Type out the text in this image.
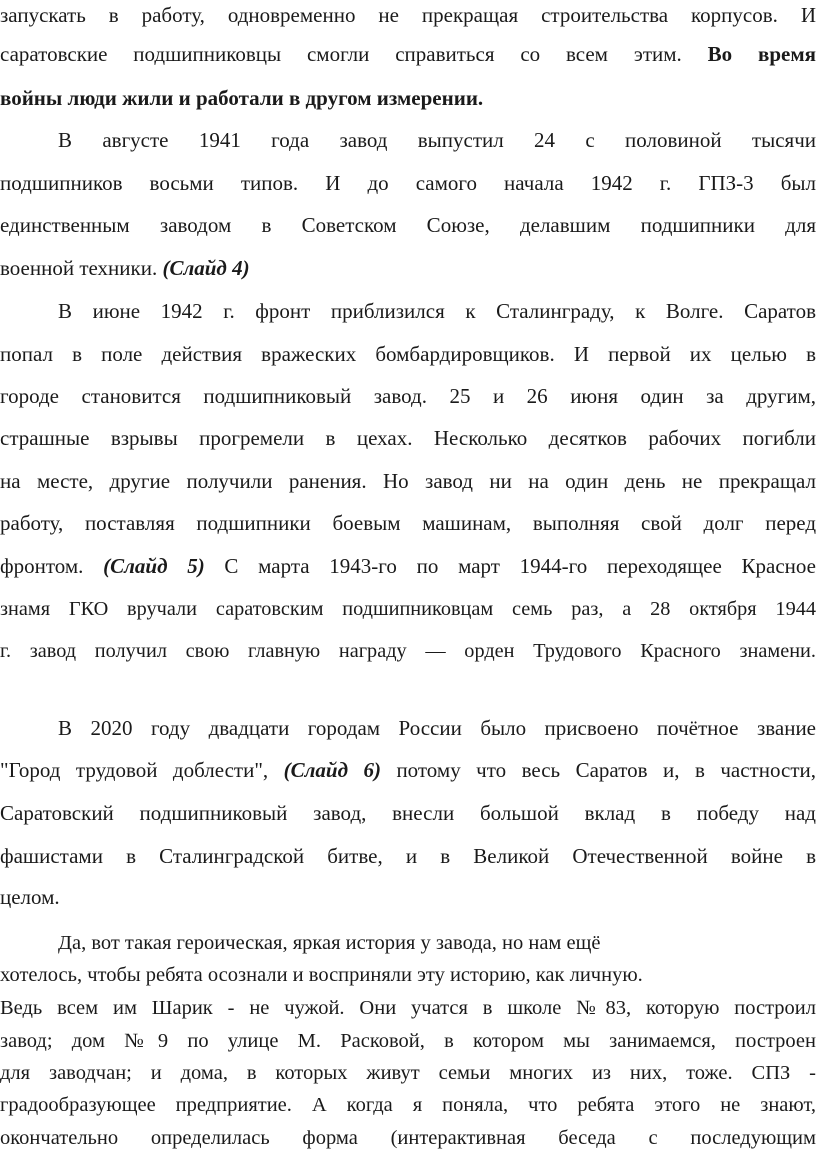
запускать в работу, одновременно не прекращая строительства корпусов. И
саратовские подшипниковцы смогли справиться со всем этим. Во время
войны люди жили и работали в другом измерении.
В августе 1941 года завод выпустил 24 с половиной тысячи
подшипников восьми типов. И до самого начала 1942 г. ГПЗ-3 был
единственным заводом в Советском Союзе, делавшим подшипники для
военной техники. (Слайд 4)
В июне 1942 г. фронт приблизился к Сталинграду, к Волге. Саратов
попал в поле действия вражеских бомбардировщиков. И первой их целью в
городе становится подшипниковый завод. 25 и 26 июня один за другим,
страшные взрывы прогремели в цехах. Несколько десятков рабочих погибли
на месте, другие получили ранения. Но завод ни на один день не прекращал
работу, поставляя подшипники боевым машинам, выполняя свой долг перед
фронтом. (Слайд 5) С марта 1943-го по март 1944-го переходящее Красное
знамя ГКО вручали саратовским подшипниковцам семь раз, а 28 октября 1944
г. завод получил свою главную награду — орден Трудового Красного знамени.
В 2020 году двадцати городам России было присвоено почётное звание
"Город трудовой доблести", (Слайд 6) потому что весь Саратов и, в частности,
Саратовский подшипниковый завод, внесли большой вклад в победу над
фашистами в Сталинградской битве, и в Великой Отечественной войне в
целом.
Да, вот такая героическая, яркая история у завода, но нам ещё
хотелось, чтобы ребята осознали и восприняли эту историю, как личную.
Ведь всем им Шарик - не чужой. Они учатся в школе №83, которую построил
завод; дом №9 по улице М. Расковой, в котором мы занимаемся, построен
для заводчан; и дома, в которых живут семьи многих из них, тоже. СПЗ -
градообразующее предприятие. А когда я поняла, что ребята этого не знают,
окончательно определилась форма (интерактивная беседа с последующим
